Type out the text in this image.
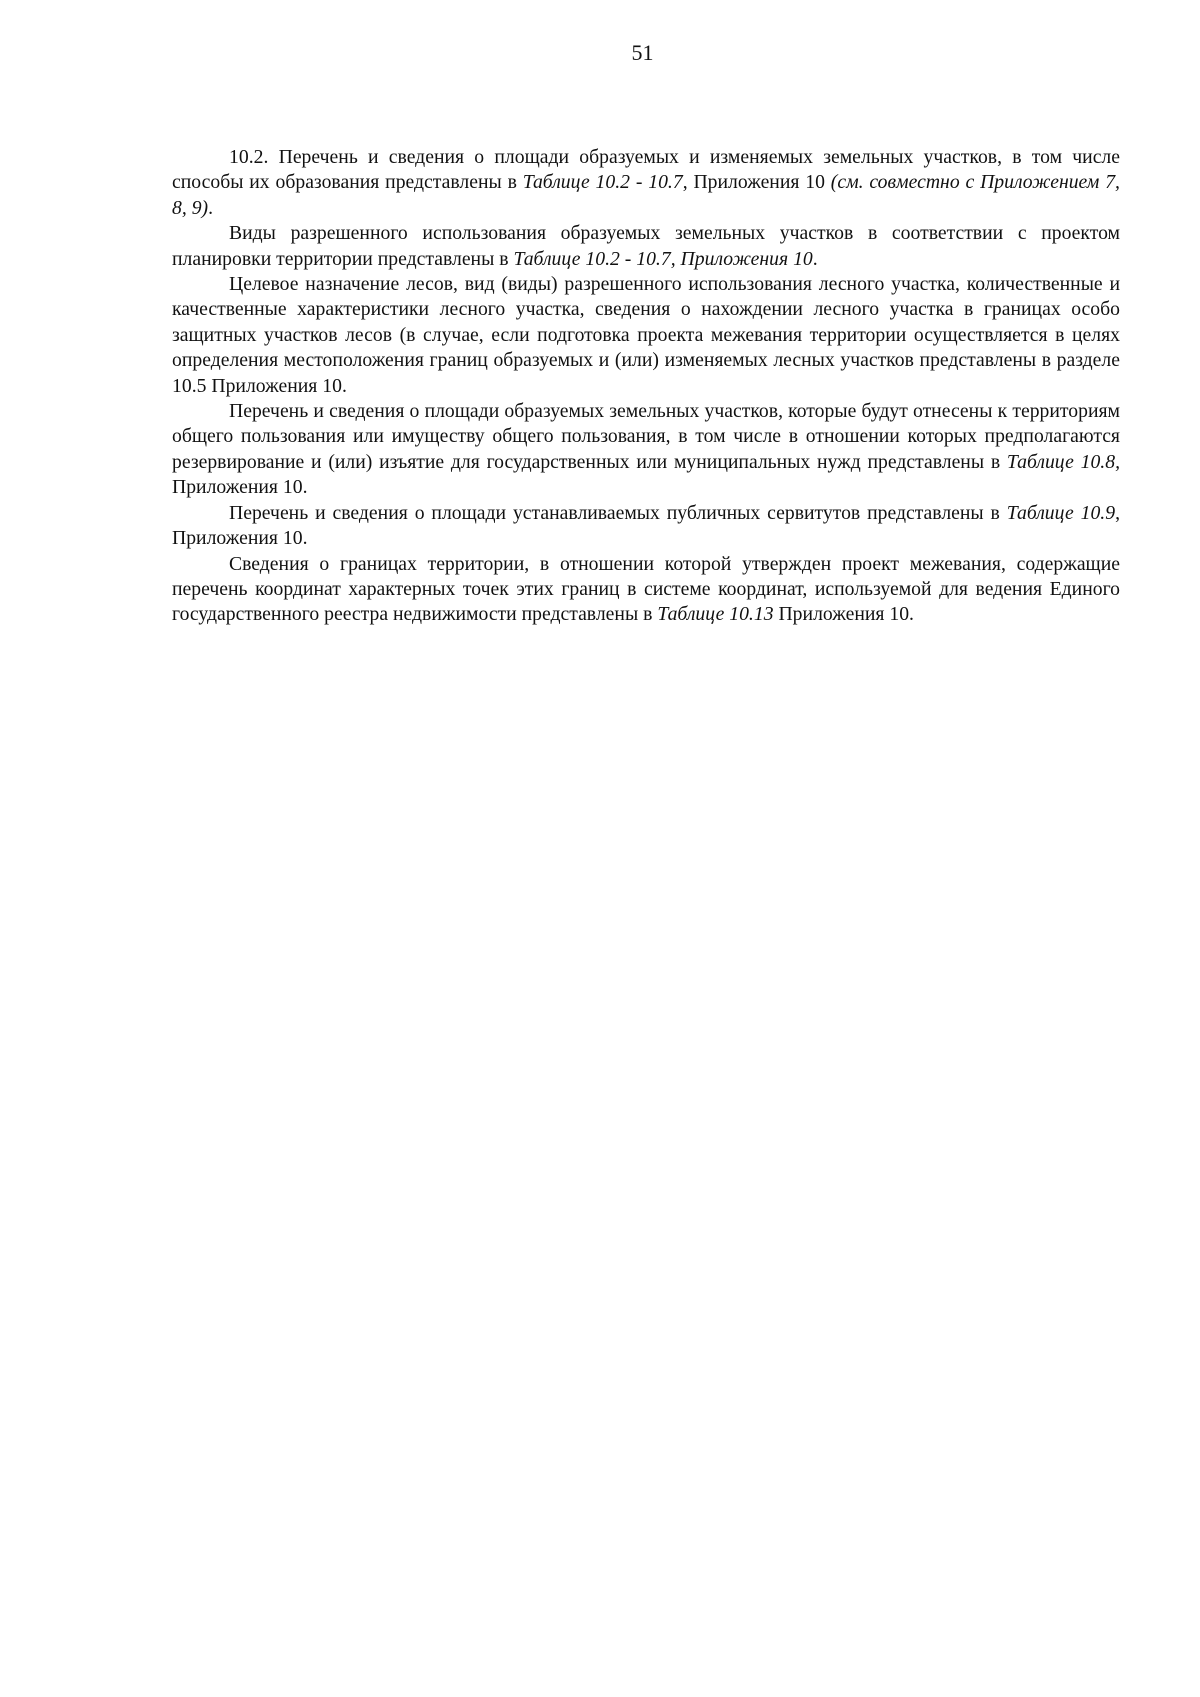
51

10.2. Перечень и сведения о площади образуемых и изменяемых земельных участков, в том числе способы их образования представлены в Таблице 10.2 - 10.7, Приложения 10 (см. совместно с Приложением 7, 8, 9).

Виды разрешенного использования образуемых земельных участков в соответствии с проектом планировки территории представлены в Таблице 10.2 - 10.7, Приложения 10.

Целевое назначение лесов, вид (виды) разрешенного использования лесного участка, количественные и качественные характеристики лесного участка, сведения о нахождении лесного участка в границах особо защитных участков лесов (в случае, если подготовка проекта межевания территории осуществляется в целях определения местоположения границ образуемых и (или) изменяемых лесных участков представлены в разделе 10.5 Приложения 10.

Перечень и сведения о площади образуемых земельных участков, которые будут отнесены к территориям общего пользования или имуществу общего пользования, в том числе в отношении которых предполагаются резервирование и (или) изъятие для государственных или муниципальных нужд представлены в Таблице 10.8, Приложения 10.

Перечень и сведения о площади устанавливаемых публичных сервитутов представлены в Таблице 10.9, Приложения 10.

Сведения о границах территории, в отношении которой утвержден проект межевания, содержащие перечень координат характерных точек этих границ в системе координат, используемой для ведения Единого государственного реестра недвижимости представлены в Таблице 10.13 Приложения 10.
